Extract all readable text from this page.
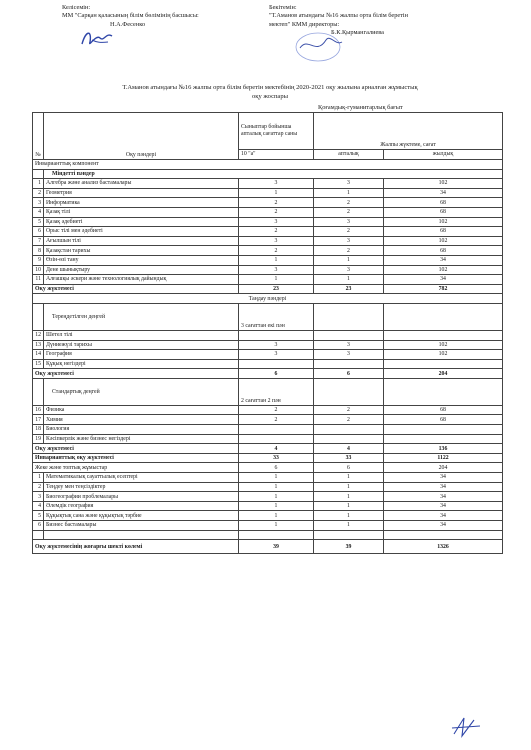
Келісемін:
ММ "Сарқан қаласының білім бөлімінің басшысы:
Н.А.Фесенко
Бекітемін:
"Т.Аманов атындағы №16 жалпы орта білім беретін
мектеп" КММ директоры:
Б.К.Қырмангалиева
Т.Аманов атындағы №16 жалпы орта білім беретін мектебінің 2020-2021 оқу жылына арналған жұмыстық
оқу жоспары
Қоғамдық-гуманитарлық бағыт
№	Оқу пәндері	Сыныптар бойынша апталық сағаттар саны	Жалпы жүктеме, сағат	
		10 "а"	апталық	жылдық
Инварианттық компонент				
	Міндетті пәндер			
1	Алгебра және анализ бастамалары	3	3	102
2	Геометрия	1	1	34
3	Информатика	2	2	68
4	Қазақ тілі	2	2	68
5	Қазақ әдебиеті	3	3	102
6	Орыс тілі мен әдебиеті	2	2	68
7	Ағылшын тілі	3	3	102
8	Қазақстан тарихы	2	2	68
9	Өзін-өзі тану	1	1	34
10	Дене шынықтыру	3	3	102
11	Алғашқы әскери және технологиялық дайындық	1	1	34
Оқу жүктемесі		23	23	782
Таңдау пәндері				
	Тереңдетілген деңгей	3 сағаттан екі пән		
12	Шетел тілі			
13	Дүниежүзі тарихы	3	3	102
14	География	3	3	102
15	Құқық негіздері			
Оқу жүктемесі		6	6	204
	Стандартық деңгей	2 сағаттан 2 пән		
16	Физика	2	2	68
17	Химия	2	2	68
18	Биология			
19	Кәсіпкерлік және бизнес негіздері			
Оқу жүктемесі		4	4	136
Инварианттық оқу жүктемесі		33	33	1122
Жеке және топтық жұмыстар		6	6	204
1	Математикалық сауаттылық есептері	1	1	34
2	Теңдеу мен теңсіздіктер	1	1	34
3	Биогеографии проблемалары	1	1	34
4	Әлемдік география	1	1	34
5	Құқықтық сана және құқықтық тәрбие	1	1	34
6	Бизнес бастамалары	1	1	34

Оқу жүктемесінің жоғарғы шекті көлемі		39	39	1326
